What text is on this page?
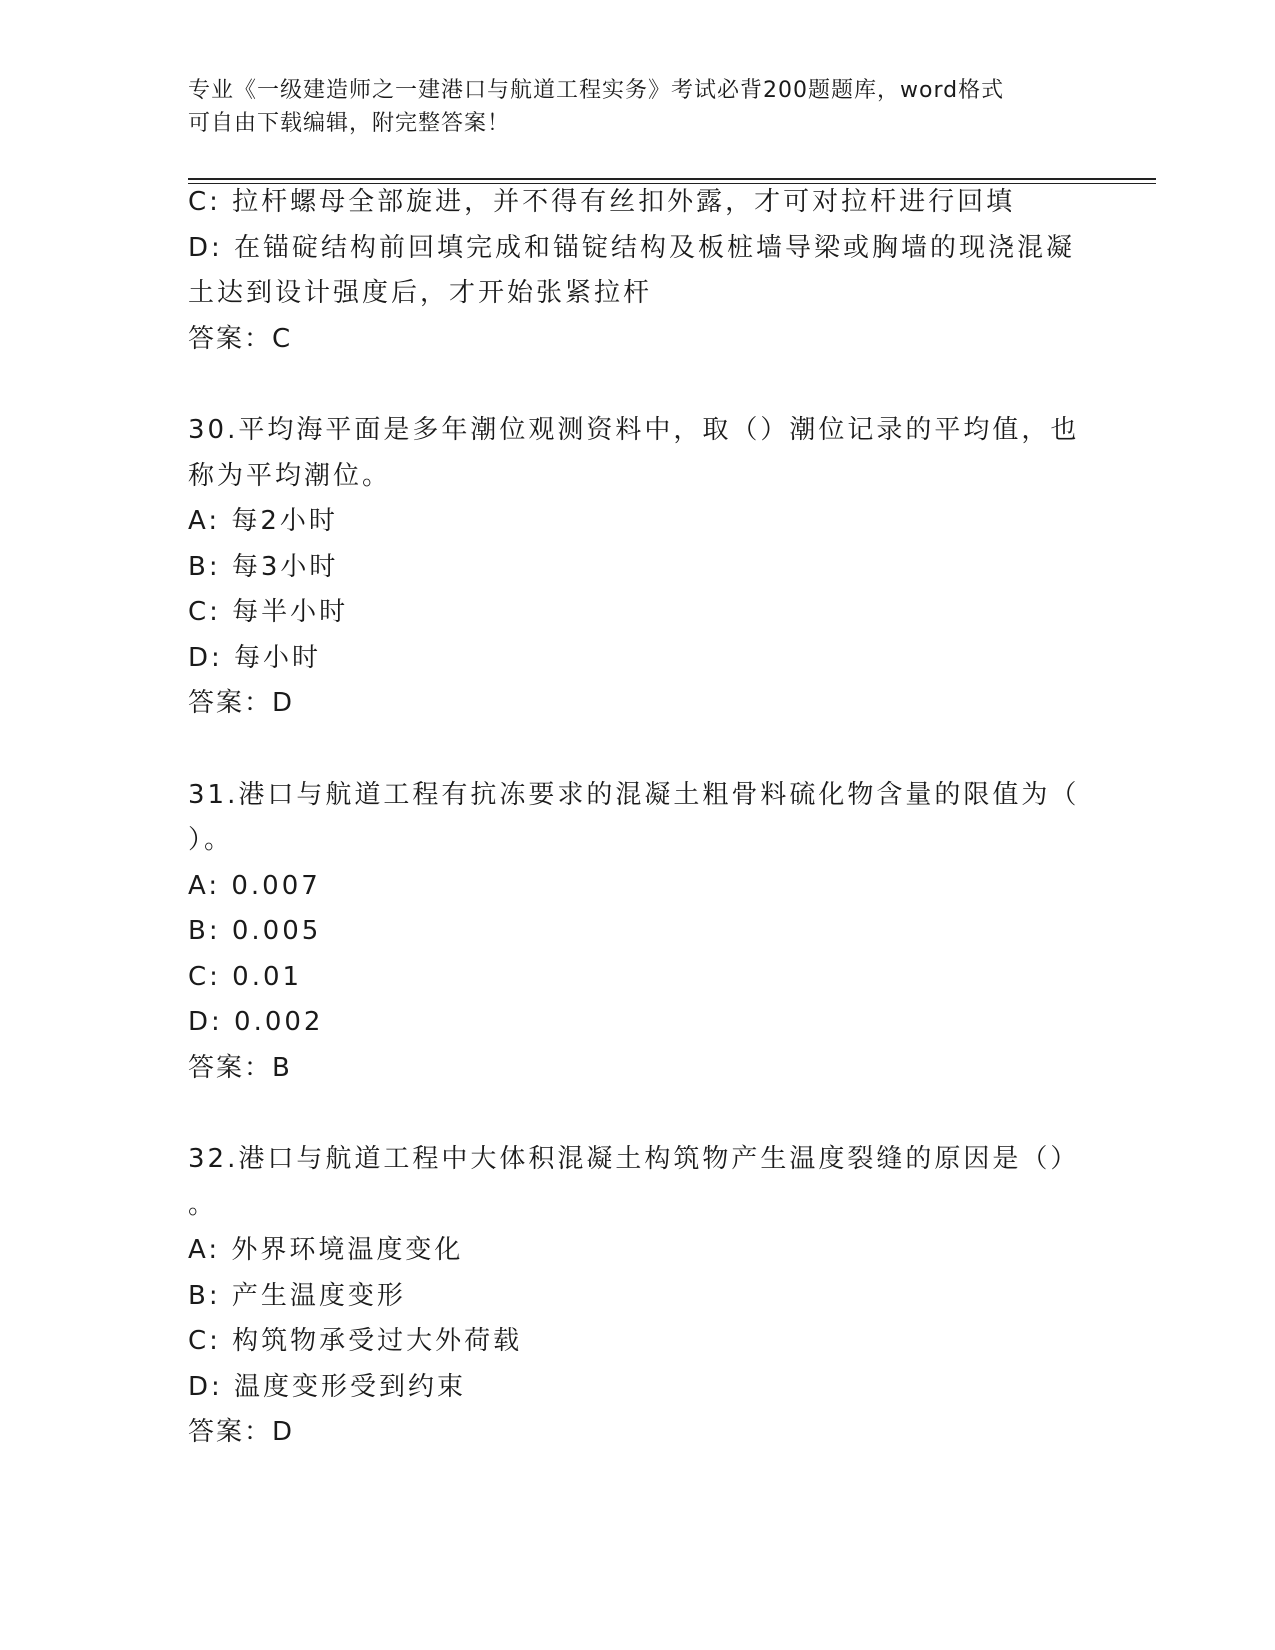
专业《一级建造师之一建港口与航道工程实务》考试必背200题题库，word格式
可自由下载编辑，附完整答案！
C: 拉杆螺母全部旋进，并不得有丝扣外露，才可对拉杆进行回填
D: 在锚碇结构前回填完成和锚锭结构及板桩墙导梁或胸墙的现浇混凝
土达到设计强度后，才开始张紧拉杆
答案：C
30.平均海平面是多年潮位观测资料中，取（）潮位记录的平均值，也
称为平均潮位。
A: 每2小时
B: 每3小时
C: 每半小时
D: 每小时
答案：D
31.港口与航道工程有抗冻要求的混凝土粗骨料硫化物含量的限值为（
）。
A: 0.007
B: 0.005
C: 0.01
D: 0.002
答案：B
32.港口与航道工程中大体积混凝土构筑物产生温度裂缝的原因是（）
。
A: 外界环境温度变化
B: 产生温度变形
C: 构筑物承受过大外荷载
D: 温度变形受到约束
答案：D
